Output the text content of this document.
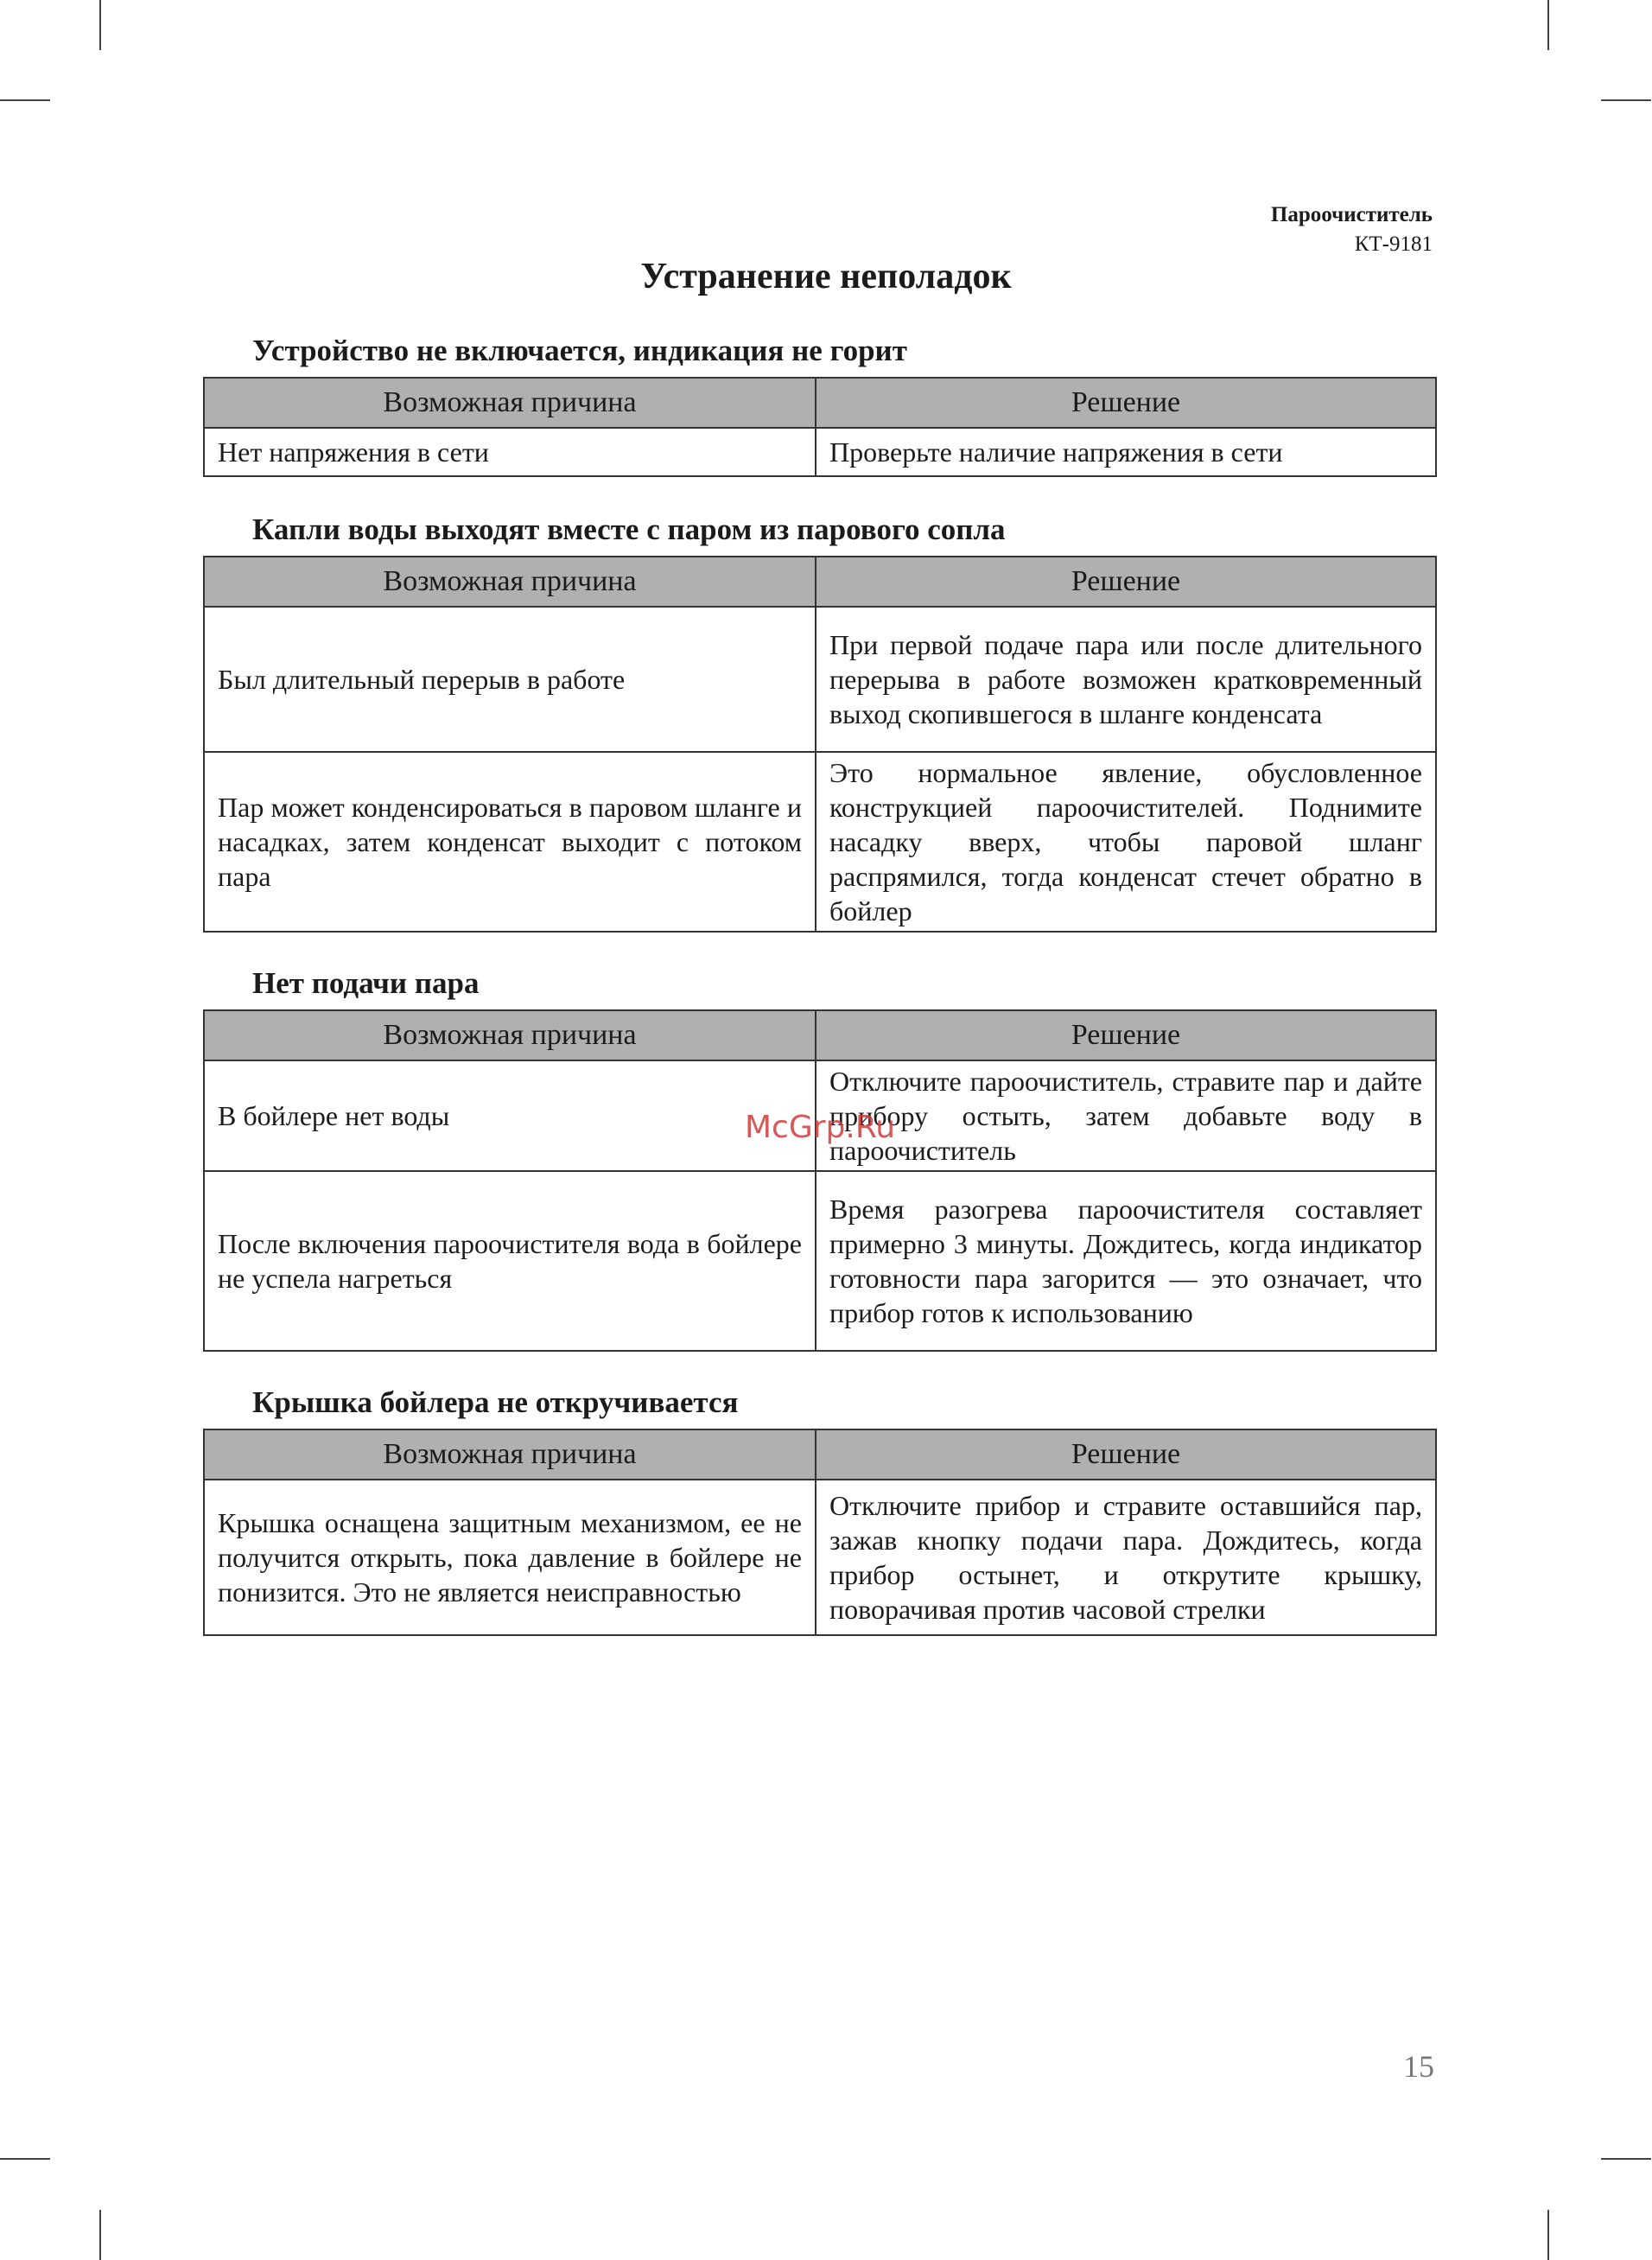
Пароочиститель
КТ-9181
Устранение неполадок
Устройство не включается, индикация не горит
Возможная причина	Решение
Нет напряжения в сети	Проверьте наличие напряжения в сети
Капли воды выходят вместе с паром из парового сопла
Возможная причина	Решение
Был длительный перерыв в работе	При первой подаче пара или после длительного перерыва в работе возможен кратковременный выход скопившегося в шланге конденсата
Пар может конденсироваться в паровом шланге и насадках, затем конденсат выходит с потоком пара	Это нормальное явление, обусловленное конструкцией пароочистителей. Поднимите насадку вверх, чтобы паровой шланг распрямился, тогда конденсат стечет обратно в бойлер
Нет подачи пара
Возможная причина	Решение
В бойлере нет воды	Отключите пароочиститель, стравите пар и дайте прибору остыть, затем добавьте воду в пароочиститель
После включения пароочистителя вода в бойлере не успела нагреться	Время разогрева пароочистителя составляет примерно 3 минуты. Дождитесь, когда индикатор готовности пара загорится — это означает, что прибор готов к использованию
Крышка бойлера не откручивается
Возможная причина	Решение
Крышка оснащена защитным механизмом, ее не получится открыть, пока давление в бойлере не понизится. Это не является неисправностью	Отключите прибор и стравите оставшийся пар, зажав кнопку подачи пара. Дождитесь, когда прибор остынет, и открутите крышку, поворачивая против часовой стрелки
McGrp.Ru
15
